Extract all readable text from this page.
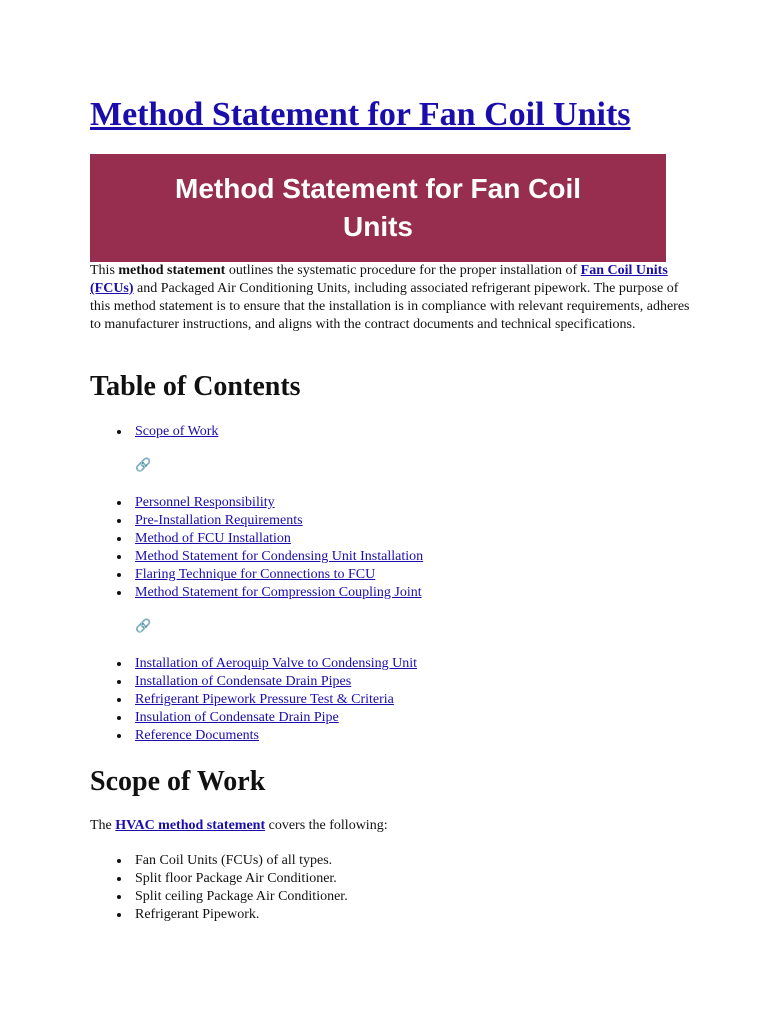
Method Statement for Fan Coil Units
Method Statement for Fan Coil Units

This method statement outlines the systematic procedure for the proper installation of Fan Coil Units (FCUs) and Packaged Air Conditioning Units, including associated refrigerant pipework. The purpose of this method statement is to ensure that the installation is in compliance with relevant requirements, adheres to manufacturer instructions, and aligns with the contract documents and technical specifications.

Table of Contents
Scope of Work
🔗
Personnel Responsibility
Pre-Installation Requirements
Method of FCU Installation
Method Statement for Condensing Unit Installation
Flaring Technique for Connections to FCU
Method Statement for Compression Coupling Joint
🔗
Installation of Aeroquip Valve to Condensing Unit
Installation of Condensate Drain Pipes
Refrigerant Pipework Pressure Test & Criteria
Insulation of Condensate Drain Pipe
Reference Documents
Scope of Work

The HVAC method statement covers the following:

Fan Coil Units (FCUs) of all types.
Split floor Package Air Conditioner.
Split ceiling Package Air Conditioner.
Refrigerant Pipework.
